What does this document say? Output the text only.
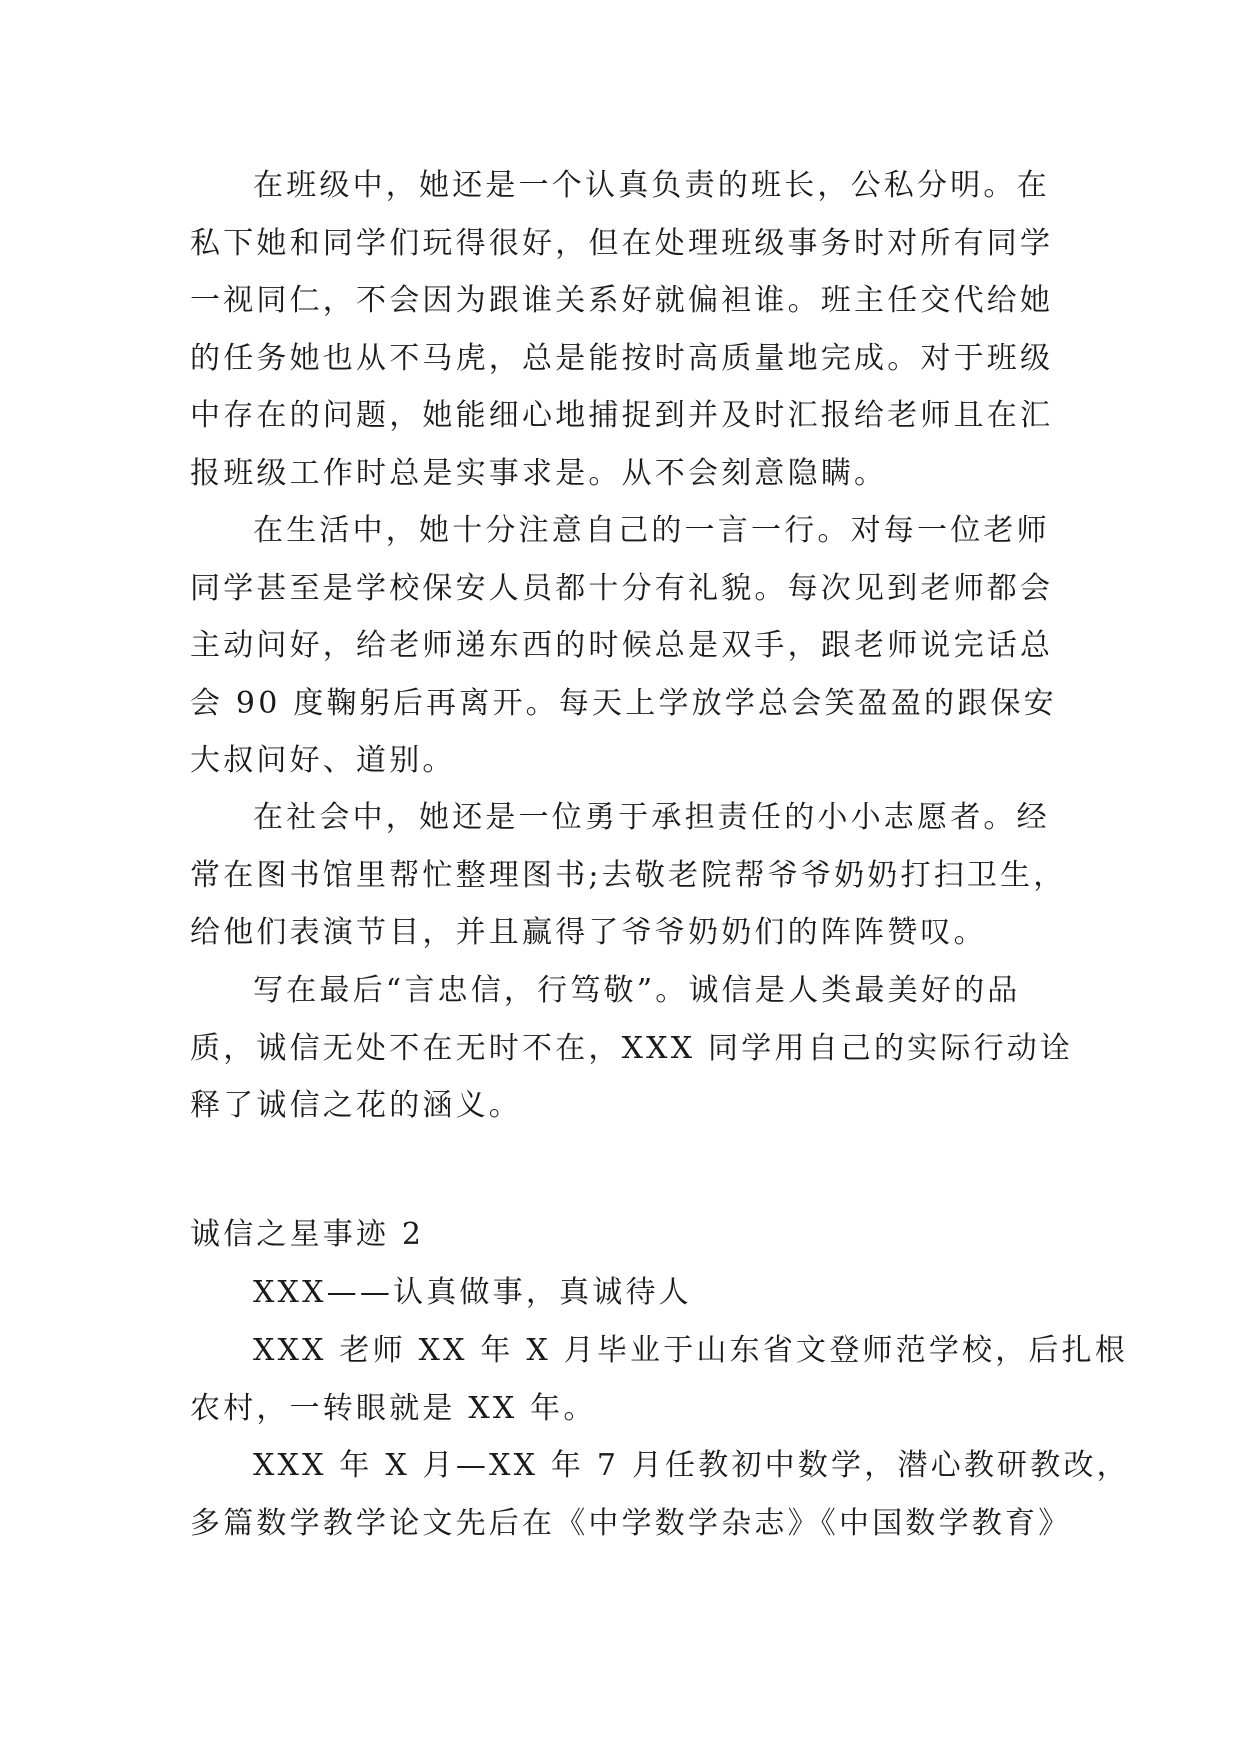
在班级中，她还是一个认真负责的班长，公私分明。在
私下她和同学们玩得很好，但在处理班级事务时对所有同学
一视同仁，不会因为跟谁关系好就偏袒谁。班主任交代给她
的任务她也从不马虎，总是能按时高质量地完成。对于班级
中存在的问题，她能细心地捕捉到并及时汇报给老师且在汇
报班级工作时总是实事求是。从不会刻意隐瞒。
在生活中，她十分注意自己的一言一行。对每一位老师
同学甚至是学校保安人员都十分有礼貌。每次见到老师都会
主动问好，给老师递东西的时候总是双手，跟老师说完话总
会 90 度鞠躬后再离开。每天上学放学总会笑盈盈的跟保安
大叔问好、道别。
在社会中，她还是一位勇于承担责任的小小志愿者。经
常在图书馆里帮忙整理图书;去敬老院帮爷爷奶奶打扫卫生，
给他们表演节目，并且赢得了爷爷奶奶们的阵阵赞叹。
写在最后“言忠信，行笃敬”。诚信是人类最美好的品
质，诚信无处不在无时不在，XXX 同学用自己的实际行动诠
释了诚信之花的涵义。
诚信之星事迹 2
XXX——认真做事，真诚待人
XXX 老师 XX 年 X 月毕业于山东省文登师范学校，后扎根
农村，一转眼就是 XX 年。
XXX 年 X 月—XX 年 7 月任教初中数学，潜心教研教改，
多篇数学教学论文先后在《中学数学杂志》《中国数学教育》
